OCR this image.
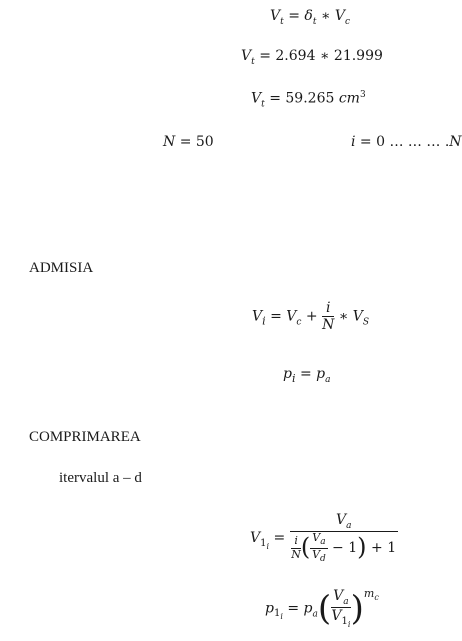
$V_t = \delta_t$ ∗ $V_c$
$V_t = 2.694$ ∗ 21.999
$V_t = 59.265$ $cm^3$
N = 50	i = 0 … … … .N
ADMISIA
$V_i = V_c + \frac{i}{N}$ ∗ $V_S$
$p_i = p_a$
COMPRIMAREA
itervalul a – d
$V_{1_i} = \frac{V_a}{\frac{i}{N} ( \frac{V_a}{V_d} - 1) + 1}$
$p_{1_i} = p_a( \frac{V_a}{V_{1_i}} )^{m_c}$
